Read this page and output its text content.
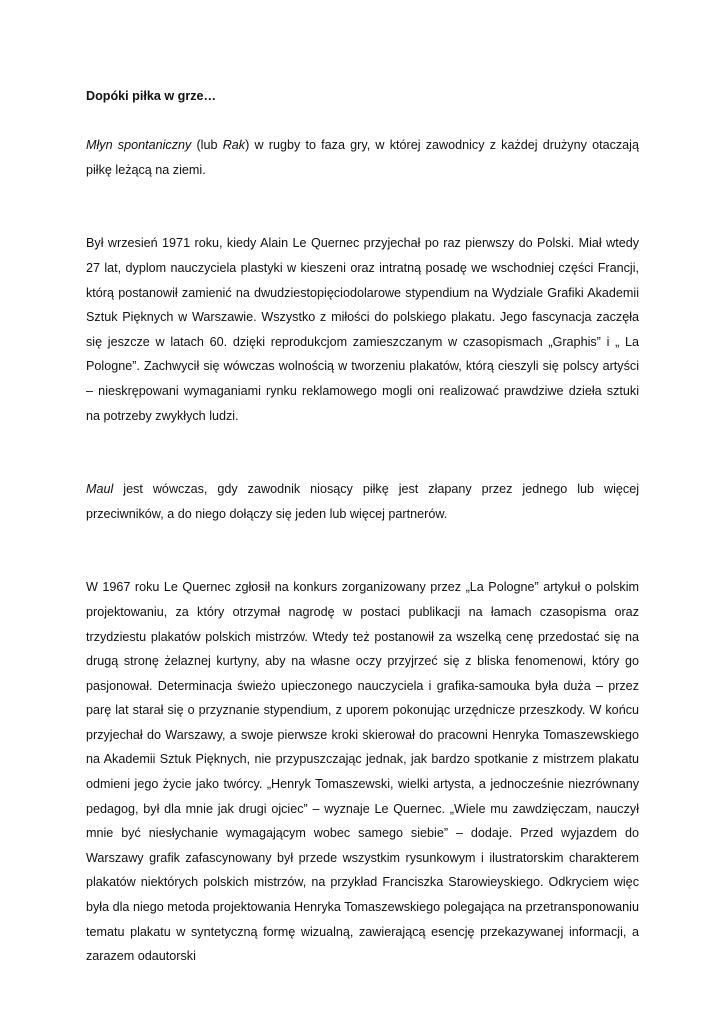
Dopóki piłka w grze…

Młyn spontaniczny (lub Rak) w rugby to faza gry, w której zawodnicy z każdej drużyny otaczają piłkę leżącą na ziemi.

Był wrzesień 1971 roku, kiedy Alain Le Quernec przyjechał po raz pierwszy do Polski. Miał wtedy 27 lat, dyplom nauczyciela plastyki w kieszeni oraz intratną posadę we wschodniej części Francji, którą postanowił zamienić na dwudziestopięciodolarowe stypendium na Wydziale Grafiki Akademii Sztuk Pięknych w Warszawie. Wszystko z miłości do polskiego plakatu. Jego fascynacja zaczęła się jeszcze w latach 60. dzięki reprodukcjom zamieszczanym w czasopismach „Graphis” i „ La Pologne”. Zachwycił się wówczas wolnością w tworzeniu plakatów, którą cieszyli się polscy artyści – nieskrępowani wymaganiami rynku reklamowego mogli oni realizować prawdziwe dzieła sztuki na potrzeby zwykłych ludzi.

Maul jest wówczas, gdy zawodnik niosący piłkę jest złapany przez jednego lub więcej przeciwników, a do niego dołączy się jeden lub więcej partnerów.

W 1967 roku Le Quernec zgłosił na konkurs zorganizowany przez „La Pologne” artykuł o polskim projektowaniu, za który otrzymał nagrodę w postaci publikacji na łamach czasopisma oraz trzydziestu plakatów polskich mistrzów. Wtedy też postanowił za wszelką cenę przedostać się na drugą stronę żelaznej kurtyny, aby na własne oczy przyjrzeć się z bliska fenomenowi, który go pasjonował. Determinacja świeżo upieczonego nauczyciela i grafika-samouka była duża – przez parę lat starał się o przyznanie stypendium, z uporem pokonując urzędnicze przeszkody. W końcu przyjechał do Warszawy, a swoje pierwsze kroki skierował do pracowni Henryka Tomaszewskiego na Akademii Sztuk Pięknych, nie przypuszczając jednak, jak bardzo spotkanie z mistrzem plakatu odmieni jego życie jako twórcy. „Henryk Tomaszewski, wielki artysta, a jednocześnie niezrównany pedagog, był dla mnie jak drugi ojciec” – wyznaje Le Quernec. „Wiele mu zawdzięczam, nauczył mnie być niesłychanie wymagającym wobec samego siebie” – dodaje. Przed wyjazdem do Warszawy grafik zafascynowany był przede wszystkim rysunkowym i ilustratorskim charakterem plakatów niektórych polskich mistrzów, na przykład Franciszka Starowieyskiego. Odkryciem więc była dla niego metoda projektowania Henryka Tomaszewskiego polegająca na przetransponowaniu tematu plakatu w syntetyczną formę wizualną, zawierającą esencję przekazywanej informacji, a zarazem odautorski
